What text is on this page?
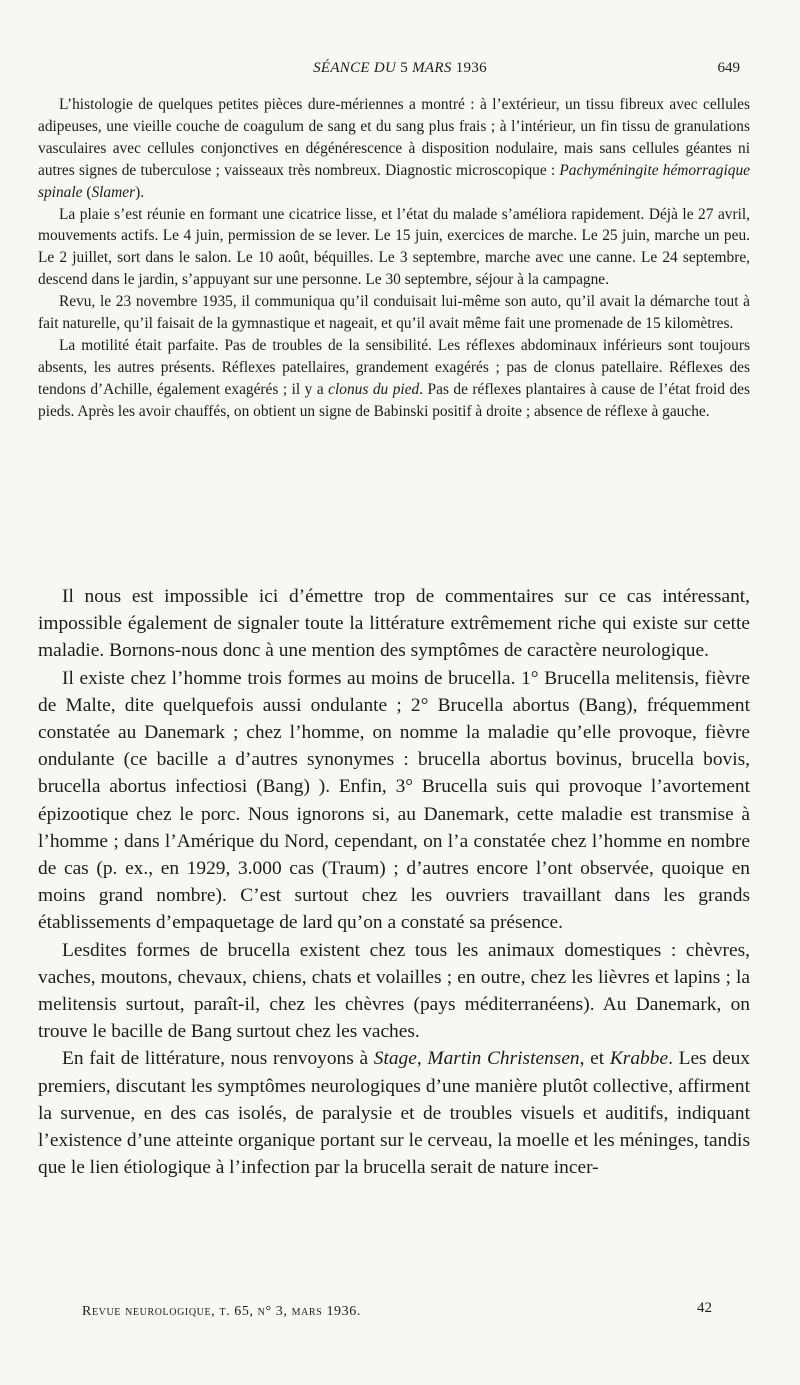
SÉANCE DU 5 MARS 1936	649

L’histologie de quelques petites pièces dure-mériennes a montré : à l’extérieur, un tissu fibreux avec cellules adipeuses, une vieille couche de coagulum de sang et du sang plus frais ; à l’intérieur, un fin tissu de granulations vasculaires avec cellules conjonctives en dégénérescence à disposition nodulaire, mais sans cellules géantes ni autres signes de tuberculose ; vaisseaux très nombreux. Diagnostic microscopique : Pachyméningite hémorragique spinale (Slamer).

La plaie s’est réunie en formant une cicatrice lisse, et l’état du malade s’améliora rapidement. Déjà le 27 avril, mouvements actifs. Le 4 juin, permission de se lever. Le 15 juin, exercices de marche. Le 25 juin, marche un peu. Le 2 juillet, sort dans le salon. Le 10 août, béquilles. Le 3 septembre, marche avec une canne. Le 24 septembre, descend dans le jardin, s’appuyant sur une personne. Le 30 septembre, séjour à la campagne.

Revu, le 23 novembre 1935, il communiqua qu’il conduisait lui-même son auto, qu’il avait la démarche tout à fait naturelle, qu’il faisait de la gymnastique et nageait, et qu’il avait même fait une promenade de 15 kilomètres.

La motilité était parfaite. Pas de troubles de la sensibilité. Les réflexes abdominaux inférieurs sont toujours absents, les autres présents. Réflexes patellaires, grandement exagérés ; pas de clonus patellaire. Réflexes des tendons d’Achille, également exagérés ; il y a clonus du pied. Pas de réflexes plantaires à cause de l’état froid des pieds. Après les avoir chauffés, on obtient un signe de Babinski positif à droite ; absence de réflexe à gauche.

Il nous est impossible ici d’émettre trop de commentaires sur ce cas intéressant, impossible également de signaler toute la littérature extrêmement riche qui existe sur cette maladie. Bornons-nous donc à une mention des symptômes de caractère neurologique.

Il existe chez l’homme trois formes au moins de brucella. 1° Brucella melitensis, fièvre de Malte, dite quelquefois aussi ondulante ; 2° Brucella abortus (Bang), fréquemment constatée au Danemark ; chez l’homme, on nomme la maladie qu’elle provoque, fièvre ondulante (ce bacille a d’autres synonymes : brucella abortus bovinus, brucella bovis, brucella abortus infectiosi (Bang) ). Enfin, 3° Brucella suis qui provoque l’avortement épizootique chez le porc. Nous ignorons si, au Danemark, cette maladie est transmise à l’homme ; dans l’Amérique du Nord, cependant, on l’a constatée chez l’homme en nombre de cas (p. ex., en 1929, 3.000 cas (Traum) ; d’autres encore l’ont observée, quoique en moins grand nombre). C’est surtout chez les ouvriers travaillant dans les grands établissements d’empaquetage de lard qu’on a constaté sa présence.

Lesdites formes de brucella existent chez tous les animaux domestiques : chèvres, vaches, moutons, chevaux, chiens, chats et volailles ; en outre, chez les lièvres et lapins ; la melitensis surtout, paraît-il, chez les chèvres (pays méditerranéens). Au Danemark, on trouve le bacille de Bang surtout chez les vaches.

En fait de littérature, nous renvoyons à Stage, Martin Christensen, et Krabbe. Les deux premiers, discutant les symptômes neurologiques d’une manière plutôt collective, affirment la survenue, en des cas isolés, de paralysie et de troubles visuels et auditifs, indiquant l’existence d’une atteinte organique portant sur le cerveau, la moelle et les méninges, tandis que le lien étiologique à l’infection par la brucella serait de nature incer-

Revue neurologique, t. 65, n° 3, mars 1936.	42
